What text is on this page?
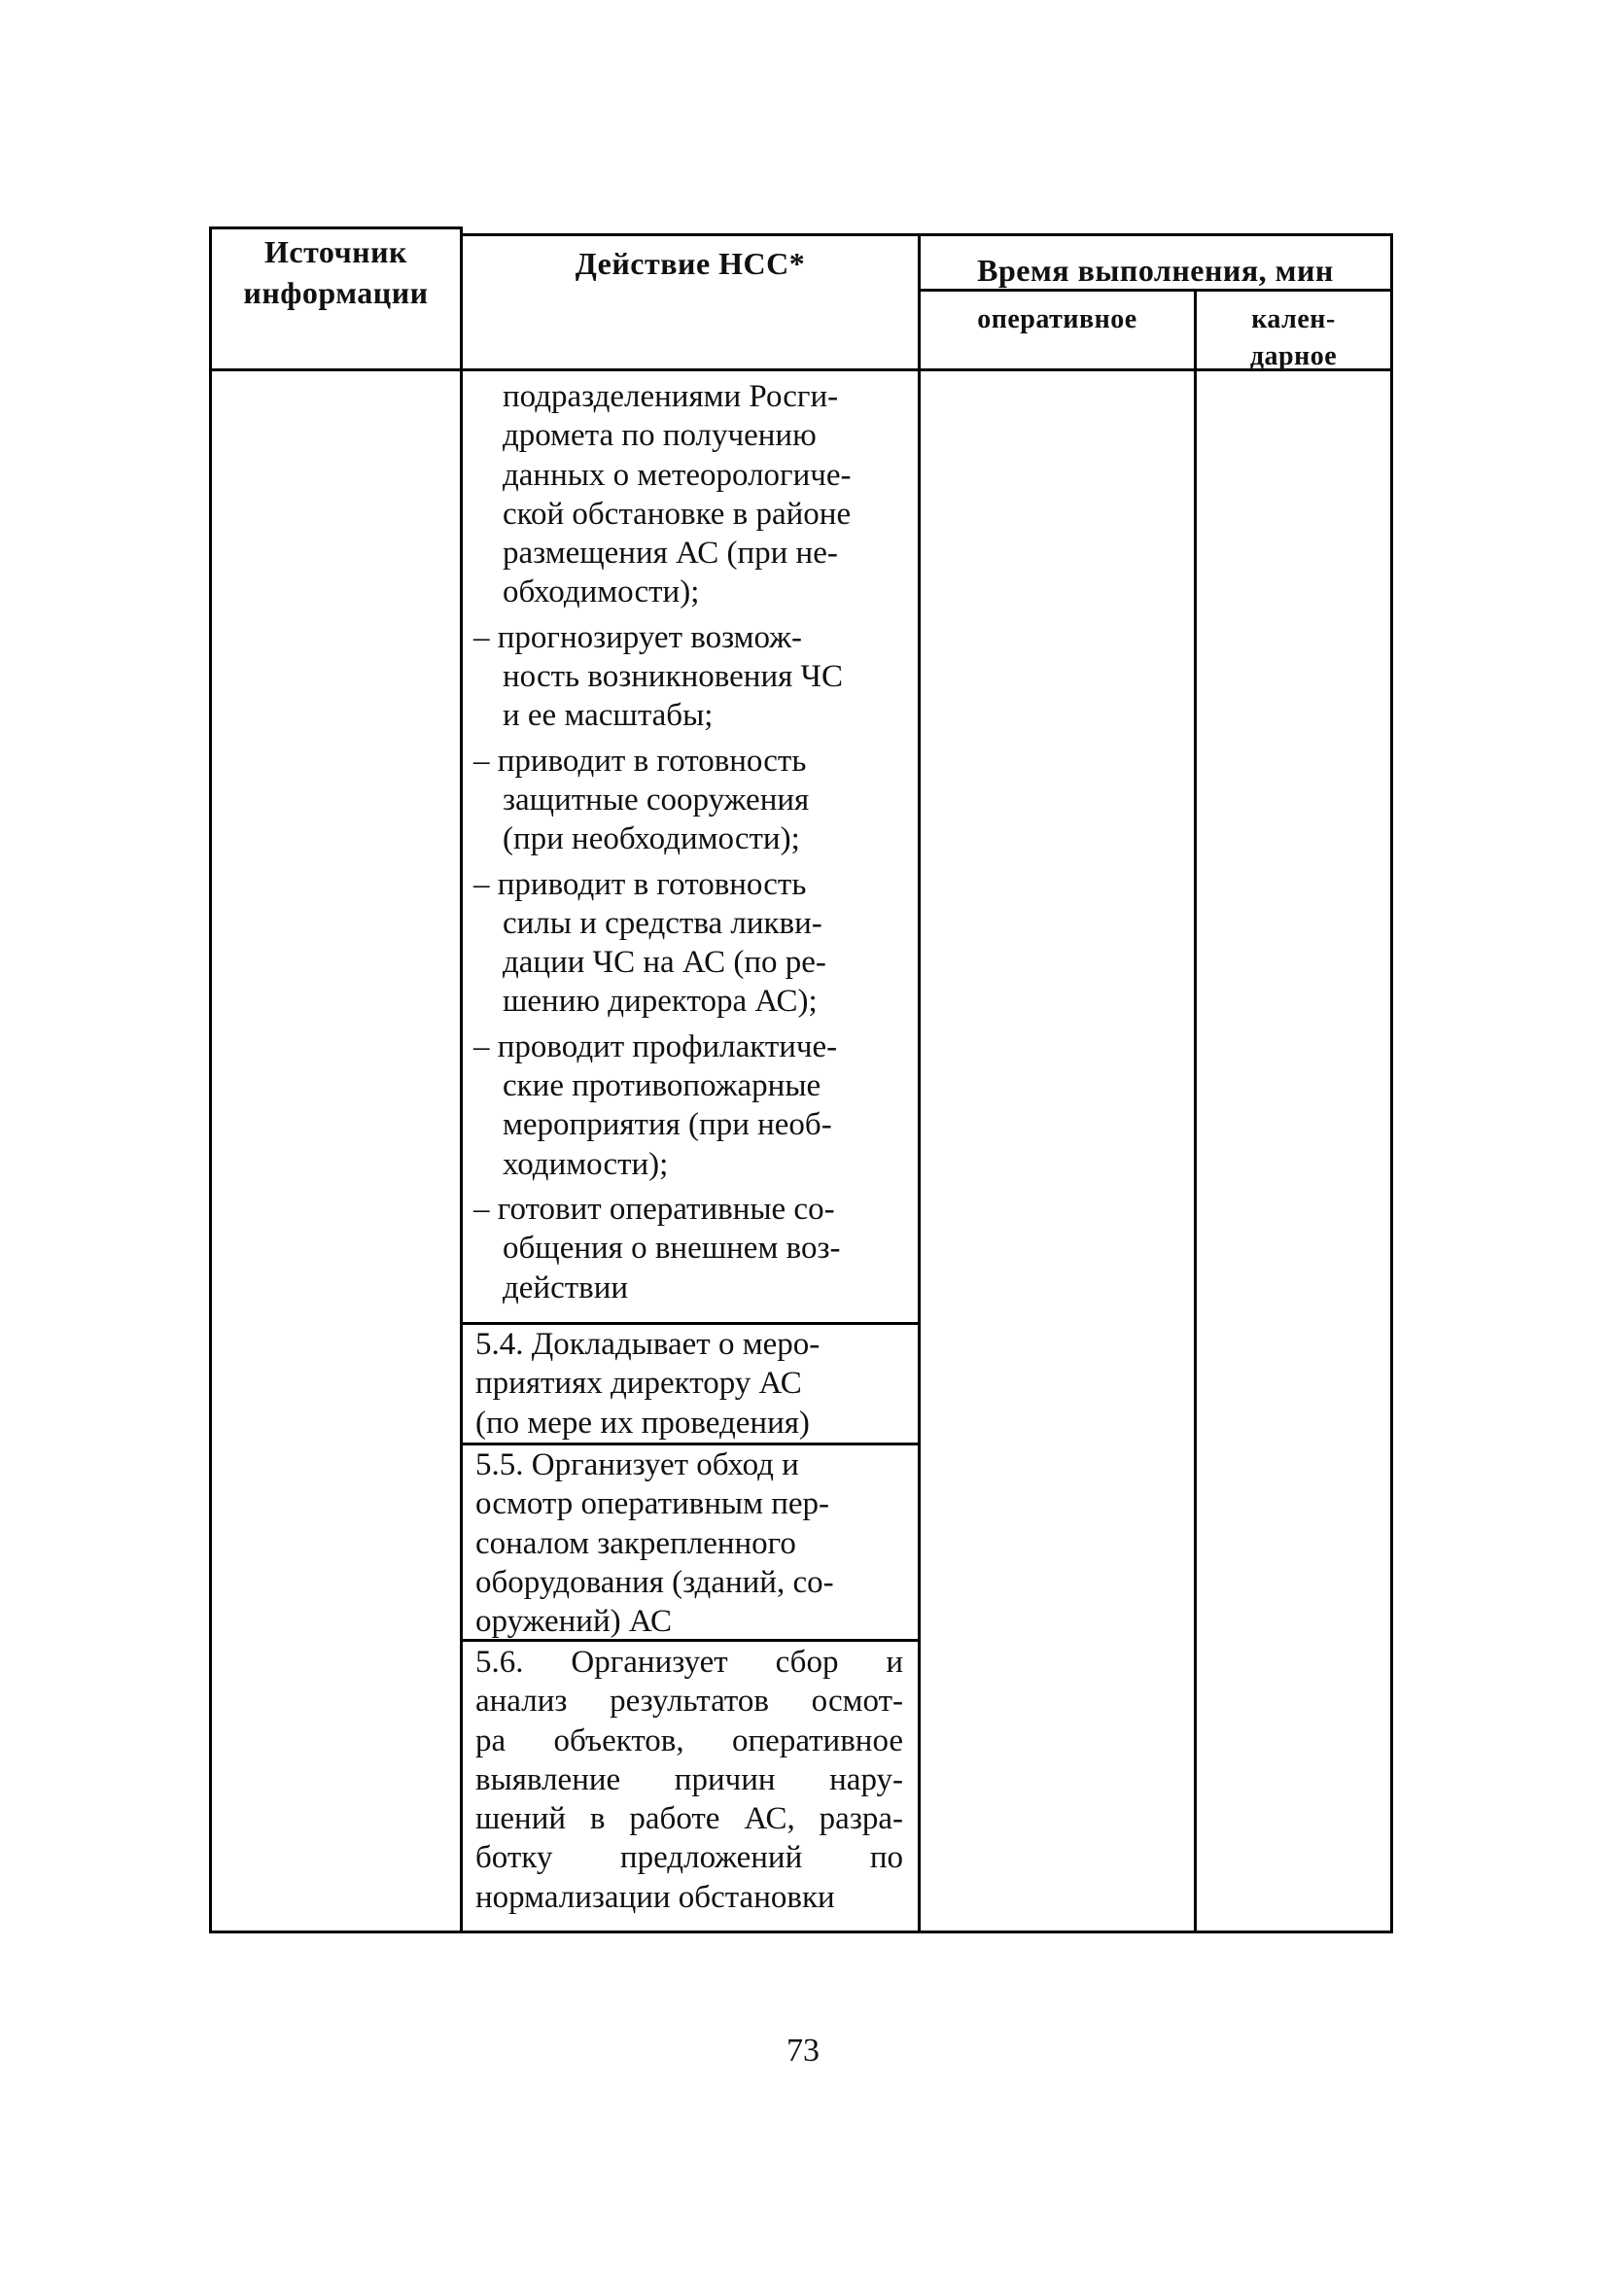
Источник
информации
Действие НСС*	Время выполнения, мин
оперативное	кален-
дарное
подразделениями Росги-
дромета по получению
данных о метеорологиче-
ской обстановке в районе
размещения АС (при не-
обходимости);
– прогнозирует возмож-
ность возникновения ЧС
и ее масштабы;
– приводит в готовность
защитные сооружения
(при необходимости);
– приводит в готовность
силы и средства ликви-
дации ЧС на АС (по ре-
шению директора АС);
– проводит профилактиче-
ские противопожарные
мероприятия (при необ-
ходимости);
– готовит оперативные со-
общения о внешнем воз-
действии
5.4. Докладывает о меро-
приятиях директору АС
(по мере их проведения)
5.5. Организует обход и
осмотр оперативным пер-
соналом закрепленного
оборудования (зданий, со-
оружений) АС
5.6. Организует сбор и
анализ результатов осмот-
ра объектов, оперативное
выявление причин нару-
шений в работе АС, разра-
ботку предложений по
нормализации обстановки
73
